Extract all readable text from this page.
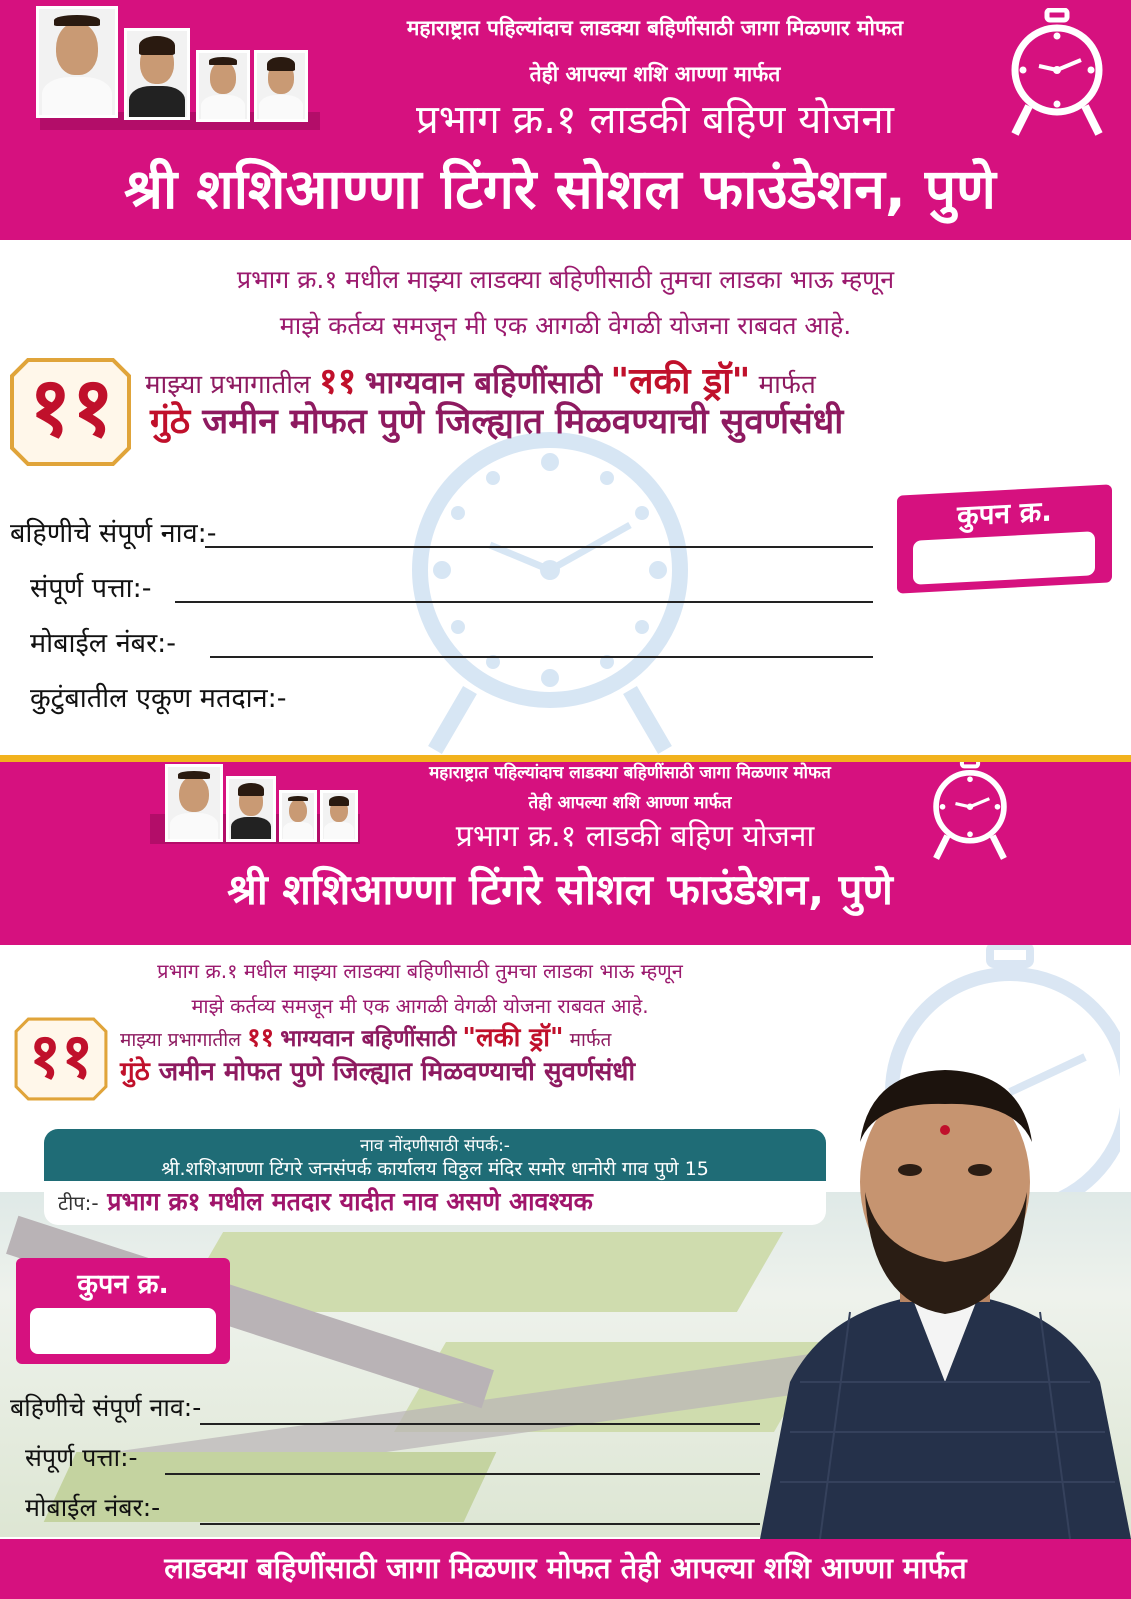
महाराष्ट्रात पहिल्यांदाच लाडक्या बहिणींसाठी जागा मिळणार मोफत
तेही आपल्या शशि आण्णा मार्फत
प्रभाग क्र.१ लाडकी बहिण योजना
श्री शशिआण्णा टिंगरे सोशल फाउंडेशन, पुणे
प्रभाग क्र.१ मधील माझ्या लाडक्या बहिणीसाठी तुमचा लाडका भाऊ म्हणून
माझे कर्तव्य समजून मी एक आगळी वेगळी योजना राबवत आहे.
११	माझ्या प्रभागातील ११ भाग्यवान बहिणींसाठी "लकी ड्रॉ" मार्फत
गुंठे जमीन मोफत पुणे जिल्ह्यात मिळवण्याची सुवर्णसंधी
बहिणीचे संपूर्ण नाव:-
संपूर्ण पत्ता:-
मोबाईल नंबर:-
कुटुंबातील एकूण मतदान:-
कुपन क्र.
महाराष्ट्रात पहिल्यांदाच लाडक्या बहिणींसाठी जागा मिळणार मोफत
तेही आपल्या शशि आण्णा मार्फत
प्रभाग क्र.१ लाडकी बहिण योजना
श्री शशिआण्णा टिंगरे सोशल फाउंडेशन, पुणे
प्रभाग क्र.१ मधील माझ्या लाडक्या बहिणीसाठी तुमचा लाडका भाऊ म्हणून
माझे कर्तव्य समजून मी एक आगळी वेगळी योजना राबवत आहे.
११	माझ्या प्रभागातील ११ भाग्यवान बहिणींसाठी "लकी ड्रॉ" मार्फत
गुंठे जमीन मोफत पुणे जिल्ह्यात मिळवण्याची सुवर्णसंधी
नाव नोंदणीसाठी संपर्क:-
श्री.शशिआण्णा टिंगरे जनसंपर्क कार्यालय विठ्ठल मंदिर समोर धानोरी गाव पुणे 15
टीप:- प्रभाग क्र१ मधील मतदार यादीत नाव असणे आवश्यक
कुपन क्र.
बहिणीचे संपूर्ण नाव:-
संपूर्ण पत्ता:-
मोबाईल नंबर:-
लाडक्या बहिणींसाठी जागा मिळणार मोफत तेही आपल्या शशि आण्णा मार्फत
